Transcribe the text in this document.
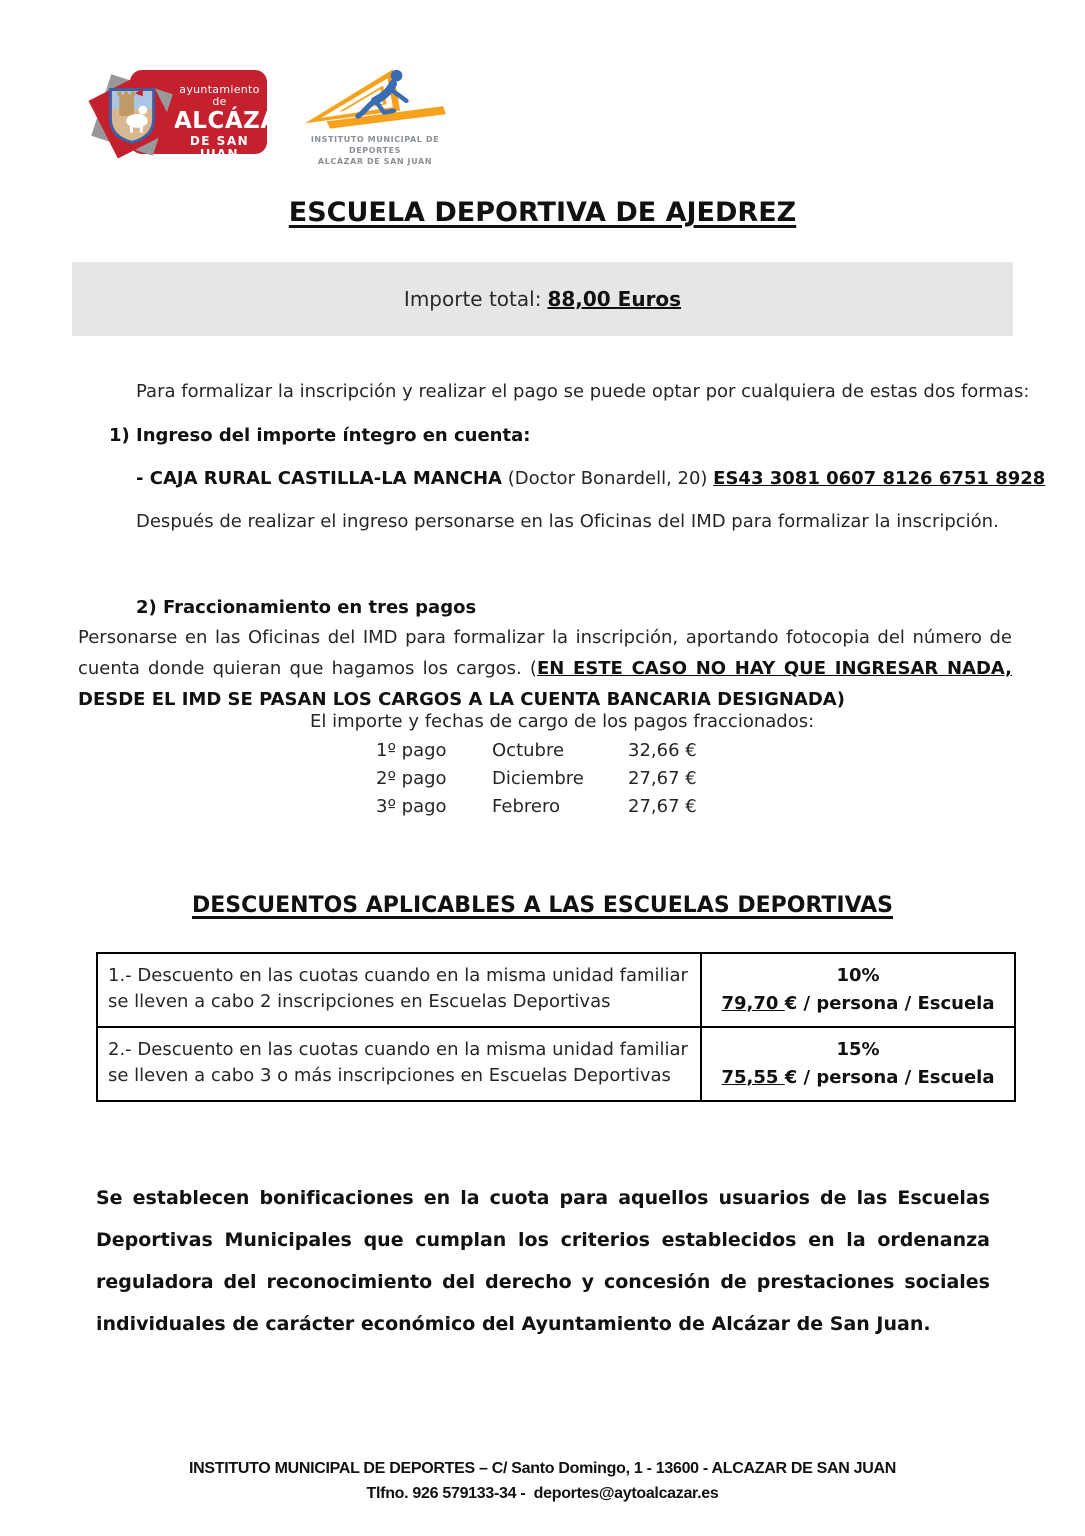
ayuntamiento de
ALCÁZAR
DE SAN JUAN
INSTITUTO MUNICIPAL DE DEPORTES
ALCÁZAR DE SAN JUAN
ESCUELA DEPORTIVA DE AJEDREZ
Importe total: 88,00 Euros
Para formalizar la inscripción y realizar el pago se puede optar por cualquiera de estas dos formas:
1) Ingreso del importe íntegro en cuenta:
- CAJA RURAL CASTILLA-LA MANCHA (Doctor Bonardell, 20) ES43 3081 0607 8126 6751 8928
Después de realizar el ingreso personarse en las Oficinas del IMD para formalizar la inscripción.
2) Fraccionamiento en tres pagos
Personarse en las Oficinas del IMD para formalizar la inscripción, aportando fotocopia del número de cuenta donde quieran que hagamos los cargos. (EN ESTE CASO NO HAY QUE INGRESAR NADA, DESDE EL IMD SE PASAN LOS CARGOS A LA CUENTA BANCARIA DESIGNADA)
El importe y fechas de cargo de los pagos fraccionados:
1º pago	Octubre	32,66 €
2º pago	Diciembre 27,67 €
3º pago	Febrero	27,67 €
DESCUENTOS APLICABLES A LAS ESCUELAS DEPORTIVAS
1.- Descuento en las cuotas cuando en la misma unidad familiar se lleven a cabo 2 inscripciones en Escuelas Deportivas	10%
79,70 € / persona / Escuela

2.- Descuento en las cuotas cuando en la misma unidad familiar se lleven a cabo 3 o más inscripciones en Escuelas Deportivas	15%
75,55 € / persona / Escuela
Se establecen bonificaciones en la cuota para aquellos usuarios de las Escuelas Deportivas Municipales que cumplan los criterios establecidos en la ordenanza reguladora del reconocimiento del derecho y concesión de prestaciones sociales individuales de carácter económico del Ayuntamiento de Alcázar de San Juan.
INSTITUTO MUNICIPAL DE DEPORTES – C/ Santo Domingo, 1 - 13600 - ALCAZAR DE SAN JUAN
Tlfno. 926 579133-34 -  deportes@aytoalcazar.es
